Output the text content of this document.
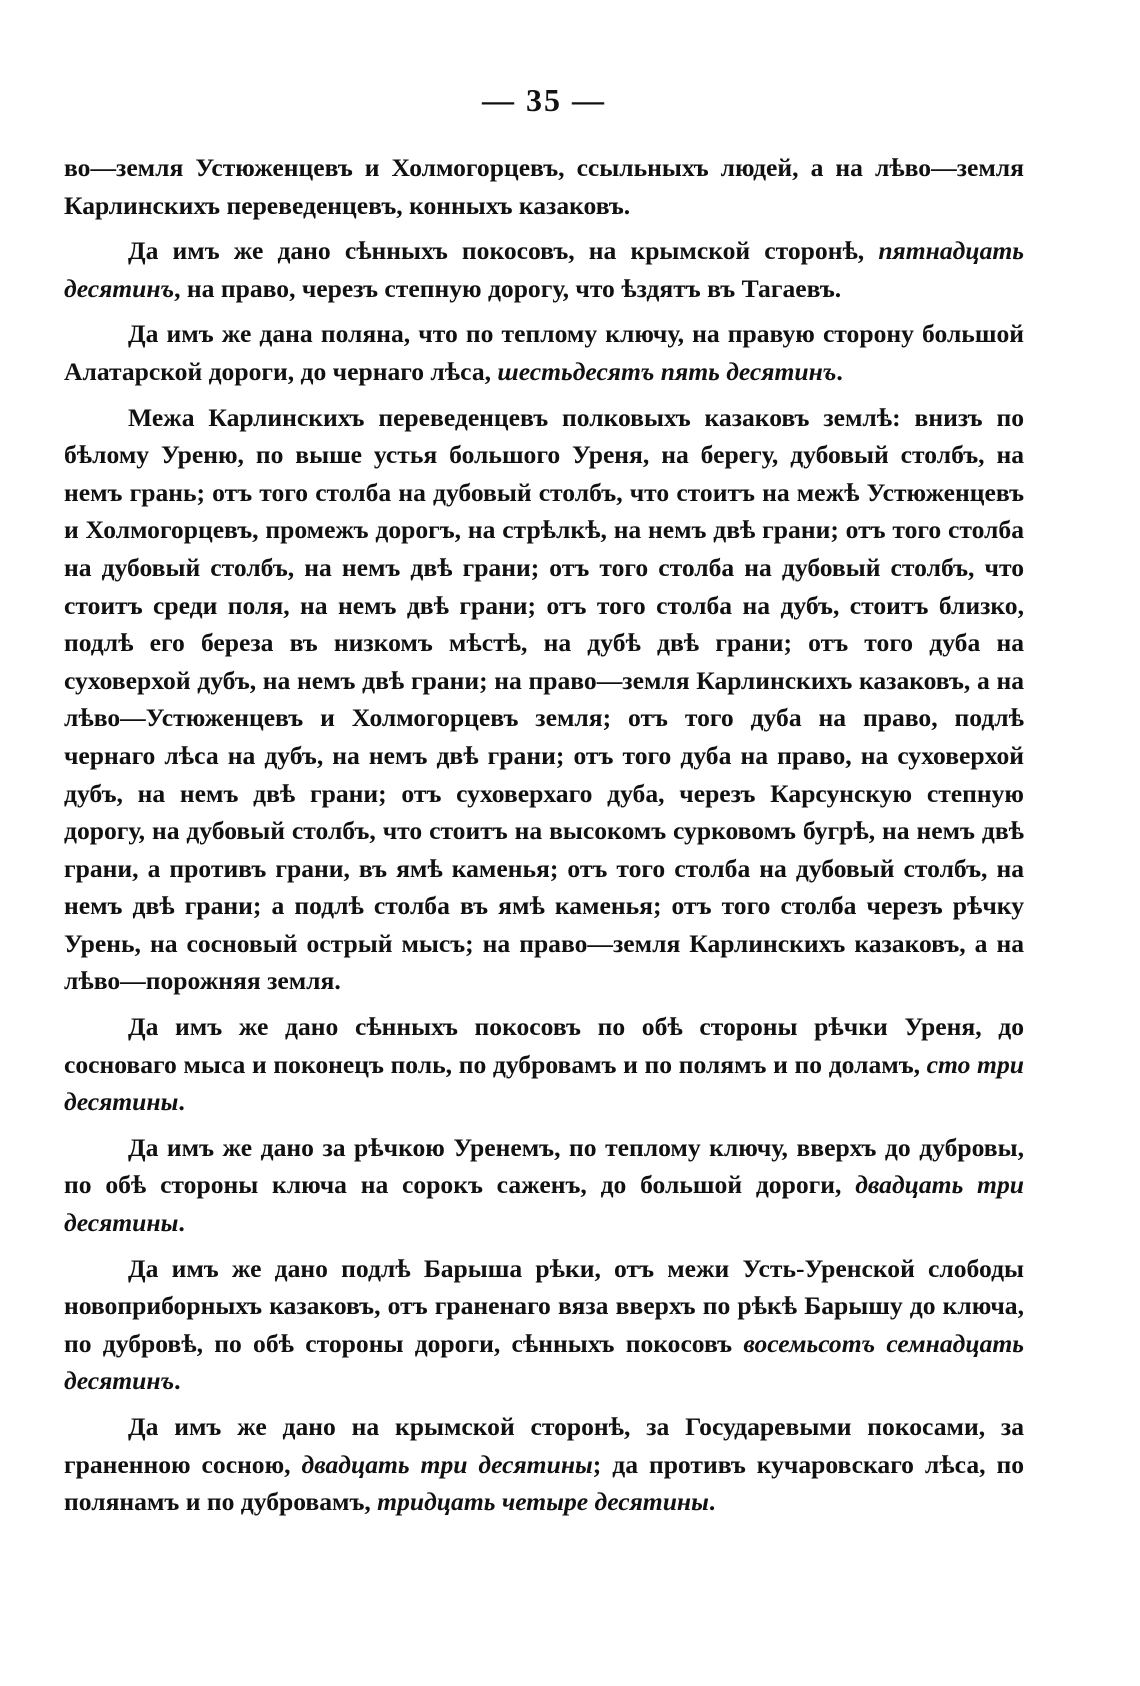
— 35 —

во—земля Устюженцевъ и Холмогорцевъ, ссыльныхъ людей, а на лѣво—земля Карлинскихъ переведенцевъ, конныхъ казаковъ.

Да имъ же дано сѣнныхъ покосовъ, на крымской сторонѣ, пятнадцать десятинъ, на право, черезъ степную дорогу, что ѣздятъ въ Тагаевъ.

Да имъ же дана поляна, что по теплому ключу, на правую сторону большой Алатарской дороги, до чернаго лѣса, шестьдесятъ пять десятинъ.

Межа Карлинскихъ переведенцевъ полковыхъ казаковъ землѣ: внизъ по бѣлому Уреню, по выше устья большого Уреня, на берегу, дубовый столбъ, на немъ грань; отъ того столба на дубовый столбъ, что стоитъ на межѣ Устюженцевъ и Холмогорцевъ, промежъ дорогъ, на стрѣлкѣ, на немъ двѣ грани; отъ того столба на дубовый столбъ, на немъ двѣ грани; отъ того столба на дубовый столбъ, что стоитъ среди поля, на немъ двѣ грани; отъ того столба на дубъ, стоитъ близко, подлѣ его береза въ низкомъ мѣстѣ, на дубѣ двѣ грани; отъ того дуба на суховерхой дубъ, на немъ двѣ грани; на право—земля Карлинскихъ казаковъ, а на лѣво—Устюженцевъ и Холмогорцевъ земля; отъ того дуба на право, подлѣ чернаго лѣса на дубъ, на немъ двѣ грани; отъ того дуба на право, на суховерхой дубъ, на немъ двѣ грани; отъ суховерхаго дуба, черезъ Карсунскую степную дорогу, на дубовый столбъ, что стоитъ на высокомъ сурковомъ бугрѣ, на немъ двѣ грани, а противъ грани, въ ямѣ каменья; отъ того столба на дубовый столбъ, на немъ двѣ грани; а подлѣ столба въ ямѣ каменья; отъ того столба черезъ рѣчку Урень, на сосновый острый мысъ; на право—земля Карлинскихъ казаковъ, а на лѣво—порожняя земля.

Да имъ же дано сѣнныхъ покосовъ по обѣ стороны рѣчки Уреня, до сосноваго мыса и поконецъ поль, по дубровамъ и по полямъ и по доламъ, сто три десятины.

Да имъ же дано за рѣчкою Уренемъ, по теплому ключу, вверхъ до дубровы, по обѣ стороны ключа на сорокъ саженъ, до большой дороги, двадцать три десятины.

Да имъ же дано подлѣ Барыша рѣки, отъ межи Усть-Уренской слободы новоприборныхъ казаковъ, отъ граненаго вяза вверхъ по рѣкѣ Барышу до ключа, по дубровѣ, по обѣ стороны дороги, сѣнныхъ покосовъ восемьсотъ семнадцать десятинъ.

Да имъ же дано на крымской сторонѣ, за Государевыми покосами, за граненною сосною, двадцать три десятины; да противъ кучаровскаго лѣса, по полянамъ и по дубровамъ, тридцать четыре десятины.
